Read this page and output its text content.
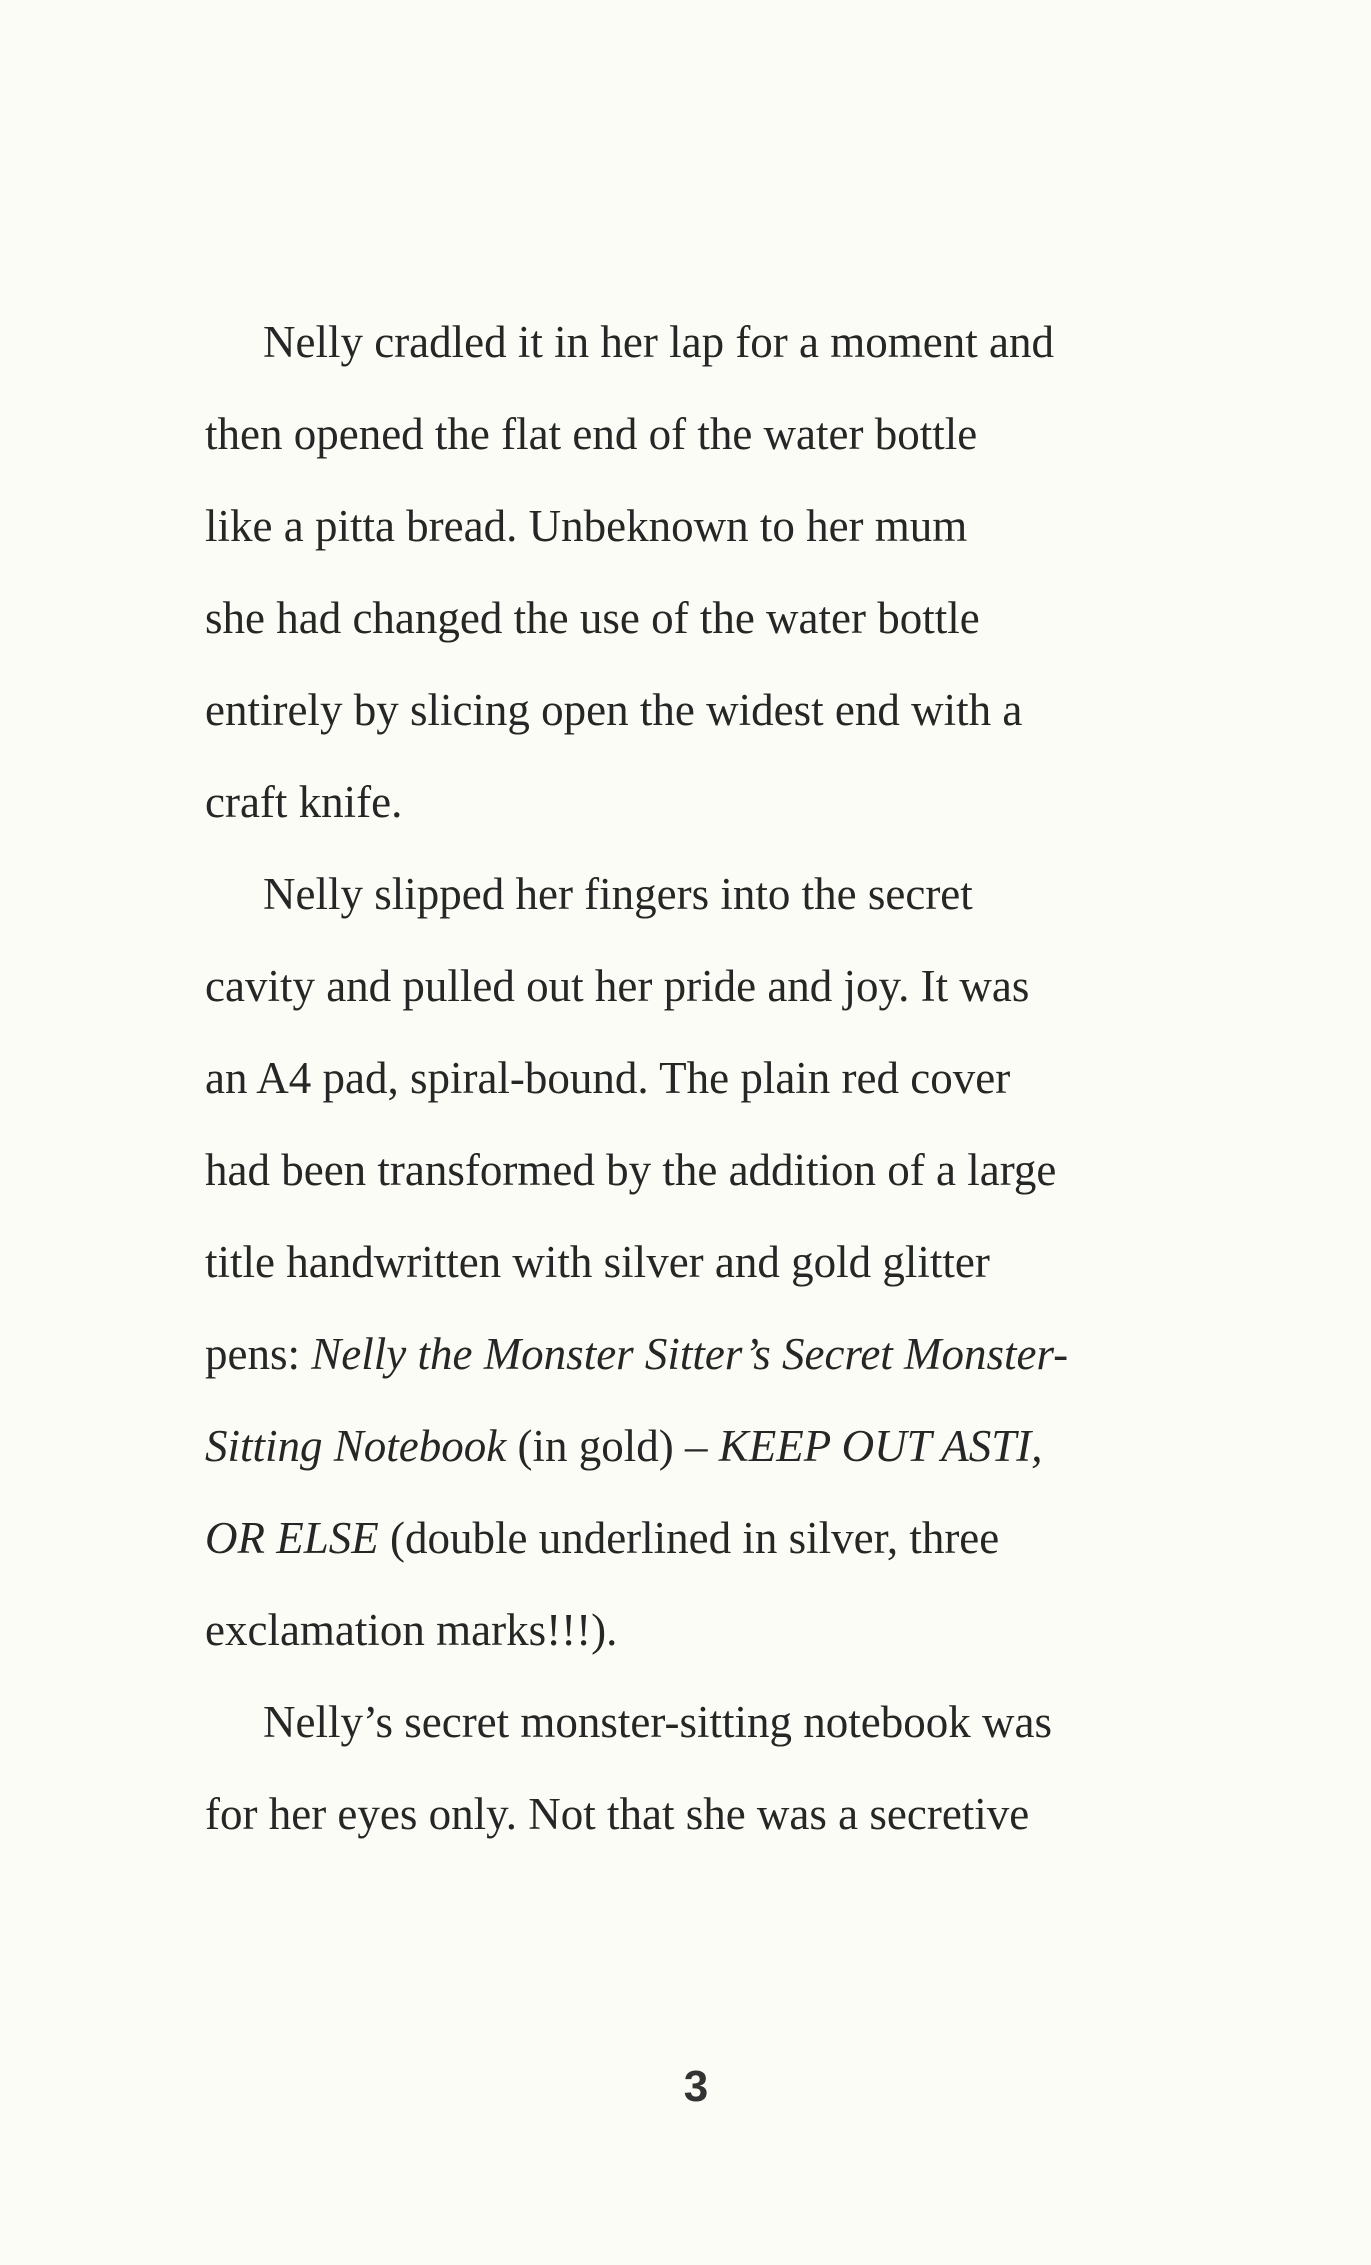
Nelly cradled it in her lap for a moment and
then opened the flat end of the water bottle
like a pitta bread. Unbeknown to her mum
she had changed the use of the water bottle
entirely by slicing open the widest end with a
craft knife.
Nelly slipped her fingers into the secret
cavity and pulled out her pride and joy. It was
an A4 pad, spiral-bound. The plain red cover
had been transformed by the addition of a large
title handwritten with silver and gold glitter
pens: Nelly the Monster Sitter’s Secret Monster-
Sitting Notebook (in gold) – KEEP OUT ASTI,
OR ELSE (double underlined in silver, three
exclamation marks!!!).
Nelly’s secret monster-sitting notebook was
for her eyes only. Not that she was a secretive
3
